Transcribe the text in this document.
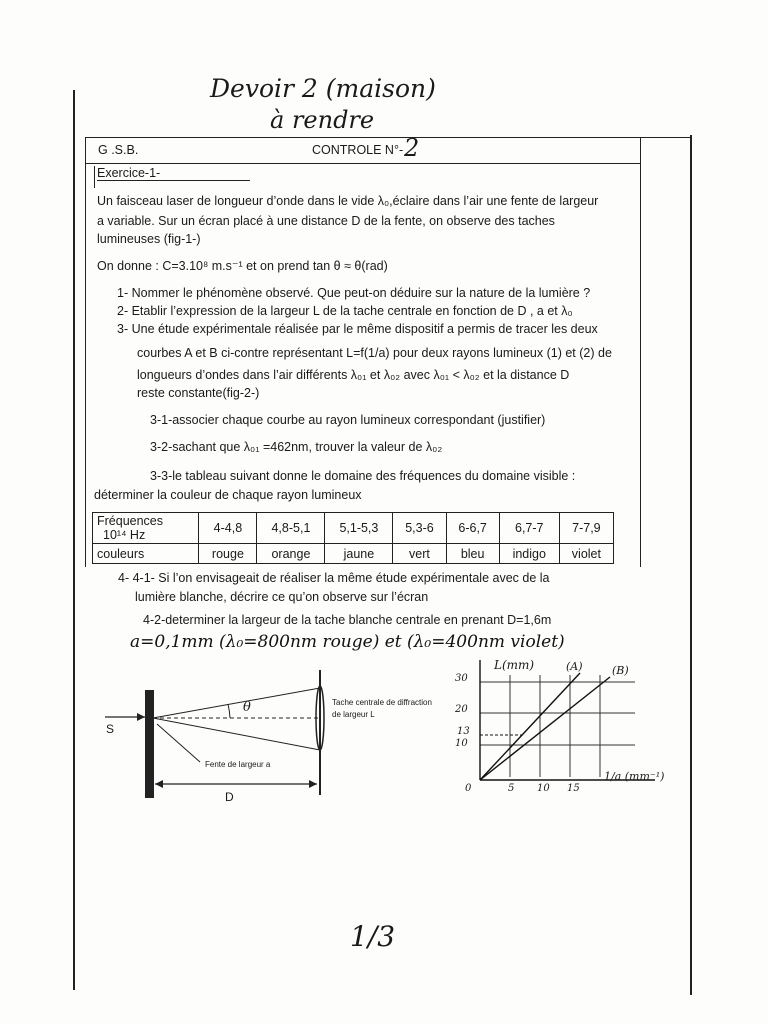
Devoir 2 (maison)
à rendre
G .S.B.	CONTROLE N°- 2
Exercice-1-
Un faisceau laser de longueur d’onde dans le vide λ₀,éclaire dans l’air une fente de largeur
a variable. Sur un écran placé à une distance D de la fente, on observe des taches
lumineuses (fig-1-)
On donne : C=3.10⁸ m.s⁻¹ et on prend tan θ ≈ θ(rad)
1- Nommer le phénomène observé. Que peut-on déduire sur la nature de la lumière ?
2- Etablir l’expression de la largeur L de la tache centrale en fonction de D , a et λ₀
3- Une étude expérimentale réalisée par le même dispositif a permis de tracer les deux
courbes A et B ci-contre représentant L=f(1/a) pour deux rayons lumineux (1) et (2) de
longueurs d’ondes dans l’air différents λ₀₁ et λ₀₂ avec λ₀₁ < λ₀₂ et la distance D
reste constante(fig-2-)
3-1-associer chaque courbe au rayon lumineux correspondant (justifier)
3-2-sachant que λ₀₁ =462nm, trouver la valeur de λ₀₂
3-3-le tableau suivant donne le domaine des fréquences du domaine visible :
déterminer la couleur de chaque rayon lumineux
Fréquences
10¹⁴ Hz	4-4,8	4,8-5,1	5,1-5,3	5,3-6	6-6,7	6,7-7	7-7,9
couleurs	rouge	orange	jaune	vert	bleu	indigo	violet
4- 4-1- Si l’on envisageait de réaliser la même étude expérimentale avec de la
lumière blanche, décrire ce qu’on observe sur l’écran
4-2-determiner la largeur de la tache blanche centrale en prenant D=1,6m
a=0,1mm (λ₀=800nm rouge) et (λ₀=400nm violet)
S
θ	Tache centrale de diffraction
de largeur L
Fente de largeur a
D
L(mm)	(A)	(B)
30
20
13
10
0	5 10 15
1/a (mm⁻¹)
1/3
